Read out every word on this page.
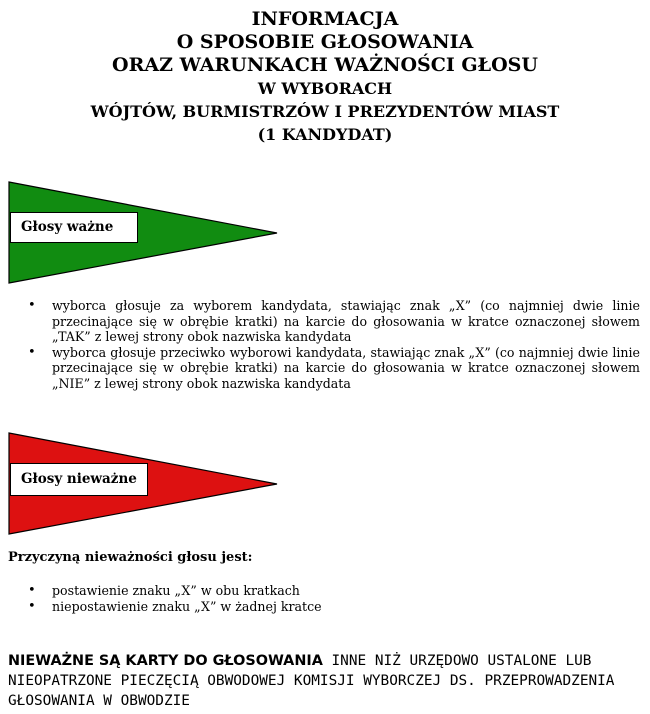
INFORMACJA
O SPOSOBIE GŁOSOWANIA
ORAZ WARUNKACH WAŻNOŚCI GŁOSU
W WYBORACH
WÓJTÓW, BURMISTRZÓW I PREZYDENTÓW MIAST
(1 KANDYDAT)
Głosy ważne
• wyborca głosuje za wyborem kandydata, stawiając znak „X” (co najmniej dwie linie przecinające się w obrębie kratki) na karcie do głosowania w kratce oznaczonej słowem „TAK” z lewej strony obok nazwiska kandydata
• wyborca głosuje przeciwko wyborowi kandydata, stawiając znak „X” (co najmniej dwie linie przecinające się w obrębie kratki) na karcie do głosowania w kratce oznaczonej słowem „NIE” z lewej strony obok nazwiska kandydata
Głosy nieważne
Przyczyną nieważności głosu jest:
• postawienie znaku „X” w obu kratkach
• niepostawienie znaku „X” w żadnej kratce
NIEWAŻNE SĄ KARTY DO GŁOSOWANIA INNE NIŻ URZĘDOWO USTALONE LUB NIEOPATRZONE PIECZĘCIĄ OBWODOWEJ KOMISJI WYBORCZEJ DS. PRZEPROWADZENIA GŁOSOWANIA W OBWODZIE
